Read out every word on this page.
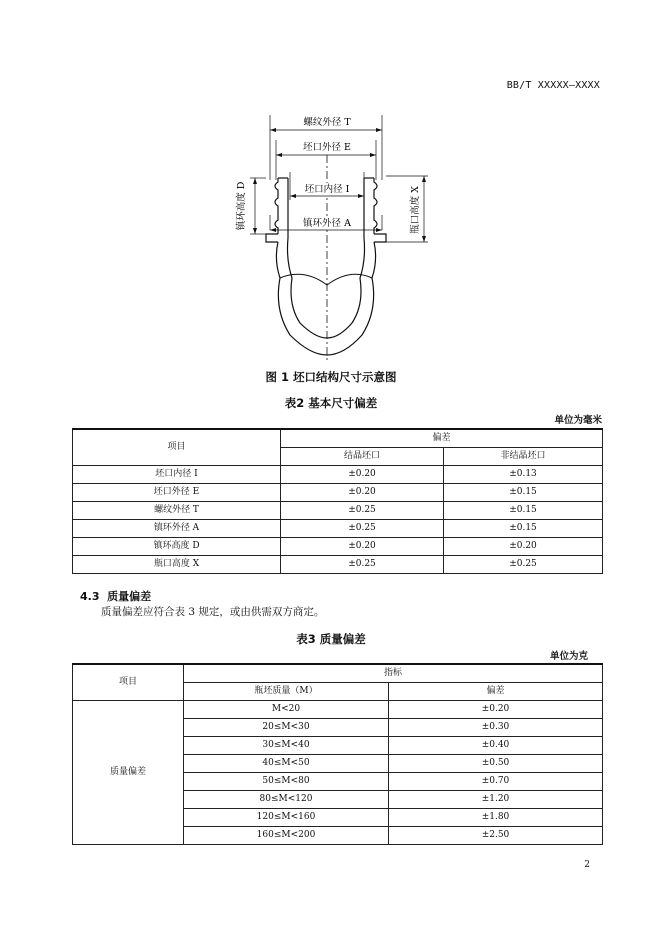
BB/T XXXXX—XXXX
螺纹外径 T
坯口外径 E
坯口内径 I
镇环外径 A
镇环高度 D	瓶口高度 X
图 1 坯口结构尺寸示意图
表2 基本尺寸偏差
单位为毫米
项目	偏差	
	结晶坯口	非结晶坯口
坯口内径 I	±0.20	±0.13
坯口外径 E	±0.20	±0.15
螺纹外径 T	±0.25	±0.15
镇环外径 A	±0.25	±0.15
镇环高度 D	±0.20	±0.20
瓶口高度 X	±0.25	±0.25
4.3 质量偏差
质量偏差应符合表 3 规定，或由供需双方商定。
表3 质量偏差
单位为克
项目	指标	
	瓶坯质量（M）	偏差
质量偏差	M<20	±0.20
	20≤M<30	±0.30
	30≤M<40	±0.40
	40≤M<50	±0.50
	50≤M<80	±0.70
	80≤M<120	±1.20
	120≤M<160	±1.80
	160≤M<200	±2.50
2
